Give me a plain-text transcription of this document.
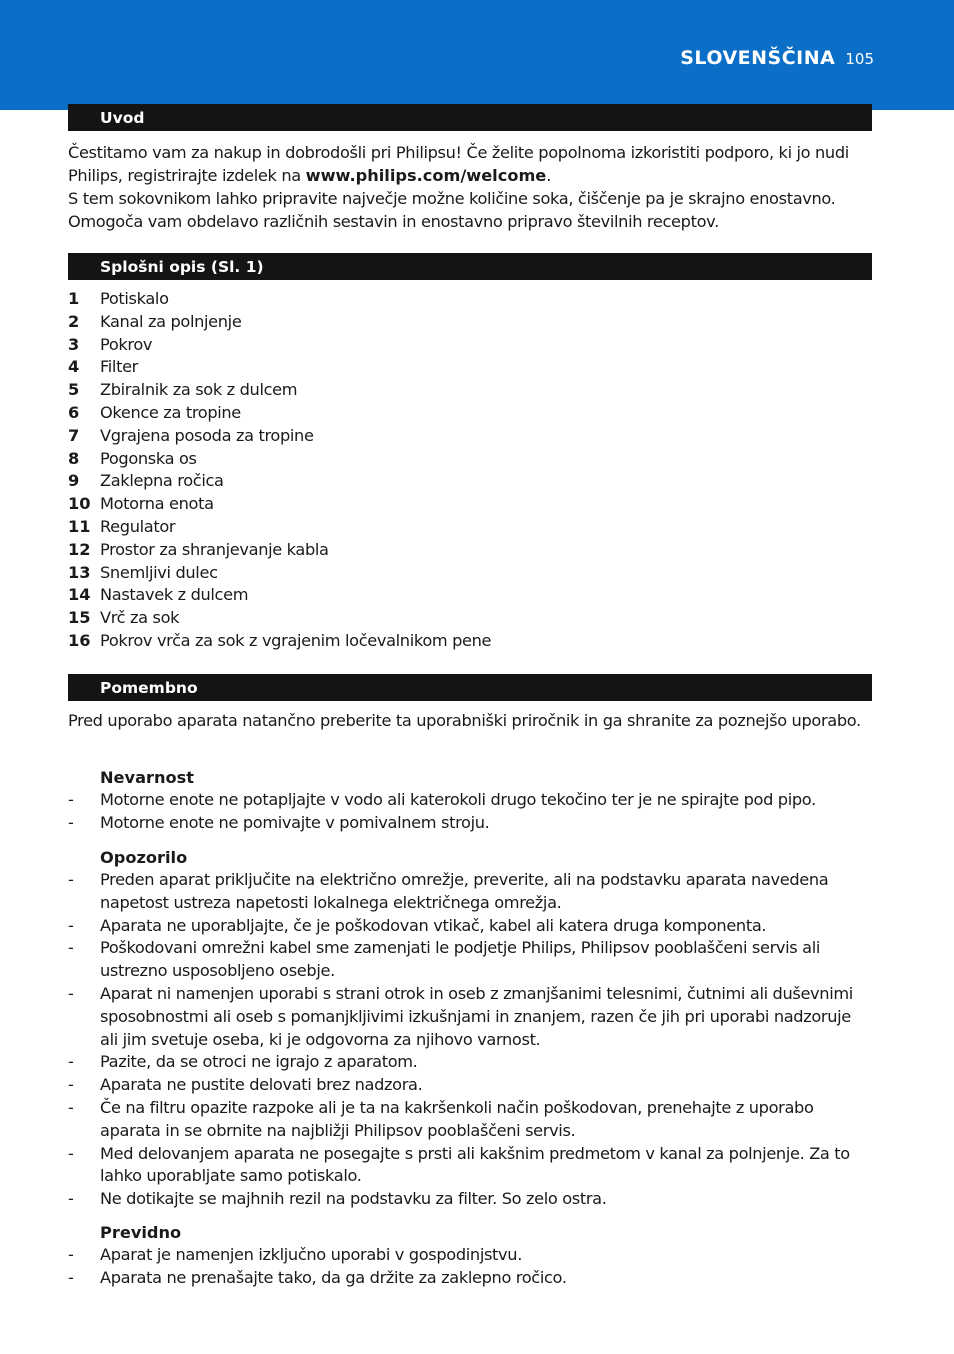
SLOVENŠČINA 105
Uvod

Čestitamo vam za nakup in dobrodošli pri Philipsu! Če želite popolnoma izkoristiti podporo, ki jo nudi Philips, registrirajte izdelek na www.philips.com/welcome.
S tem sokovnikom lahko pripravite največje možne količine soka, čiščenje pa je skrajno enostavno. Omogoča vam obdelavo različnih sestavin in enostavno pripravo številnih receptov.

Splošni opis (Sl. 1)
1 Potiskalo
2 Kanal za polnjenje
3 Pokrov
4 Filter
5 Zbiralnik za sok z dulcem
6 Okence za tropine
7 Vgrajena posoda za tropine
8 Pogonska os
9 Zaklepna ročica
10 Motorna enota
11 Regulator
12 Prostor za shranjevanje kabla
13 Snemljivi dulec
14 Nastavek z dulcem
15 Vrč za sok
16 Pokrov vrča za sok z vgrajenim ločevalnikom pene
Pomembno

Pred uporabo aparata natančno preberite ta uporabniški priročnik in ga shranite za poznejšo uporabo.

Nevarnost

- Motorne enote ne potapljajte v vodo ali katerokoli drugo tekočino ter je ne spirajte pod pipo.
- Motorne enote ne pomivajte v pomivalnem stroju.

Opozorilo

- Preden aparat priključite na električno omrežje, preverite, ali na podstavku aparata navedena napetost ustreza napetosti lokalnega električnega omrežja.
- Aparata ne uporabljajte, če je poškodovan vtikač, kabel ali katera druga komponenta.
- Poškodovani omrežni kabel sme zamenjati le podjetje Philips, Philipsov pooblaščeni servis ali ustrezno usposobljeno osebje.
- Aparat ni namenjen uporabi s strani otrok in oseb z zmanjšanimi telesnimi, čutnimi ali duševnimi sposobnostmi ali oseb s pomanjkljivimi izkušnjami in znanjem, razen če jih pri uporabi nadzoruje ali jim svetuje oseba, ki je odgovorna za njihovo varnost.
- Pazite, da se otroci ne igrajo z aparatom.
- Aparata ne pustite delovati brez nadzora.
- Če na filtru opazite razpoke ali je ta na kakršenkoli način poškodovan, prenehajte z uporabo aparata in se obrnite na najbližji Philipsov pooblaščeni servis.
- Med delovanjem aparata ne posegajte s prsti ali kakšnim predmetom v kanal za polnjenje. Za to lahko uporabljate samo potiskalo.
- Ne dotikajte se majhnih rezil na podstavku za filter. So zelo ostra.

Previdno

- Aparat je namenjen izključno uporabi v gospodinjstvu.
- Aparata ne prenašajte tako, da ga držite za zaklepno ročico.
